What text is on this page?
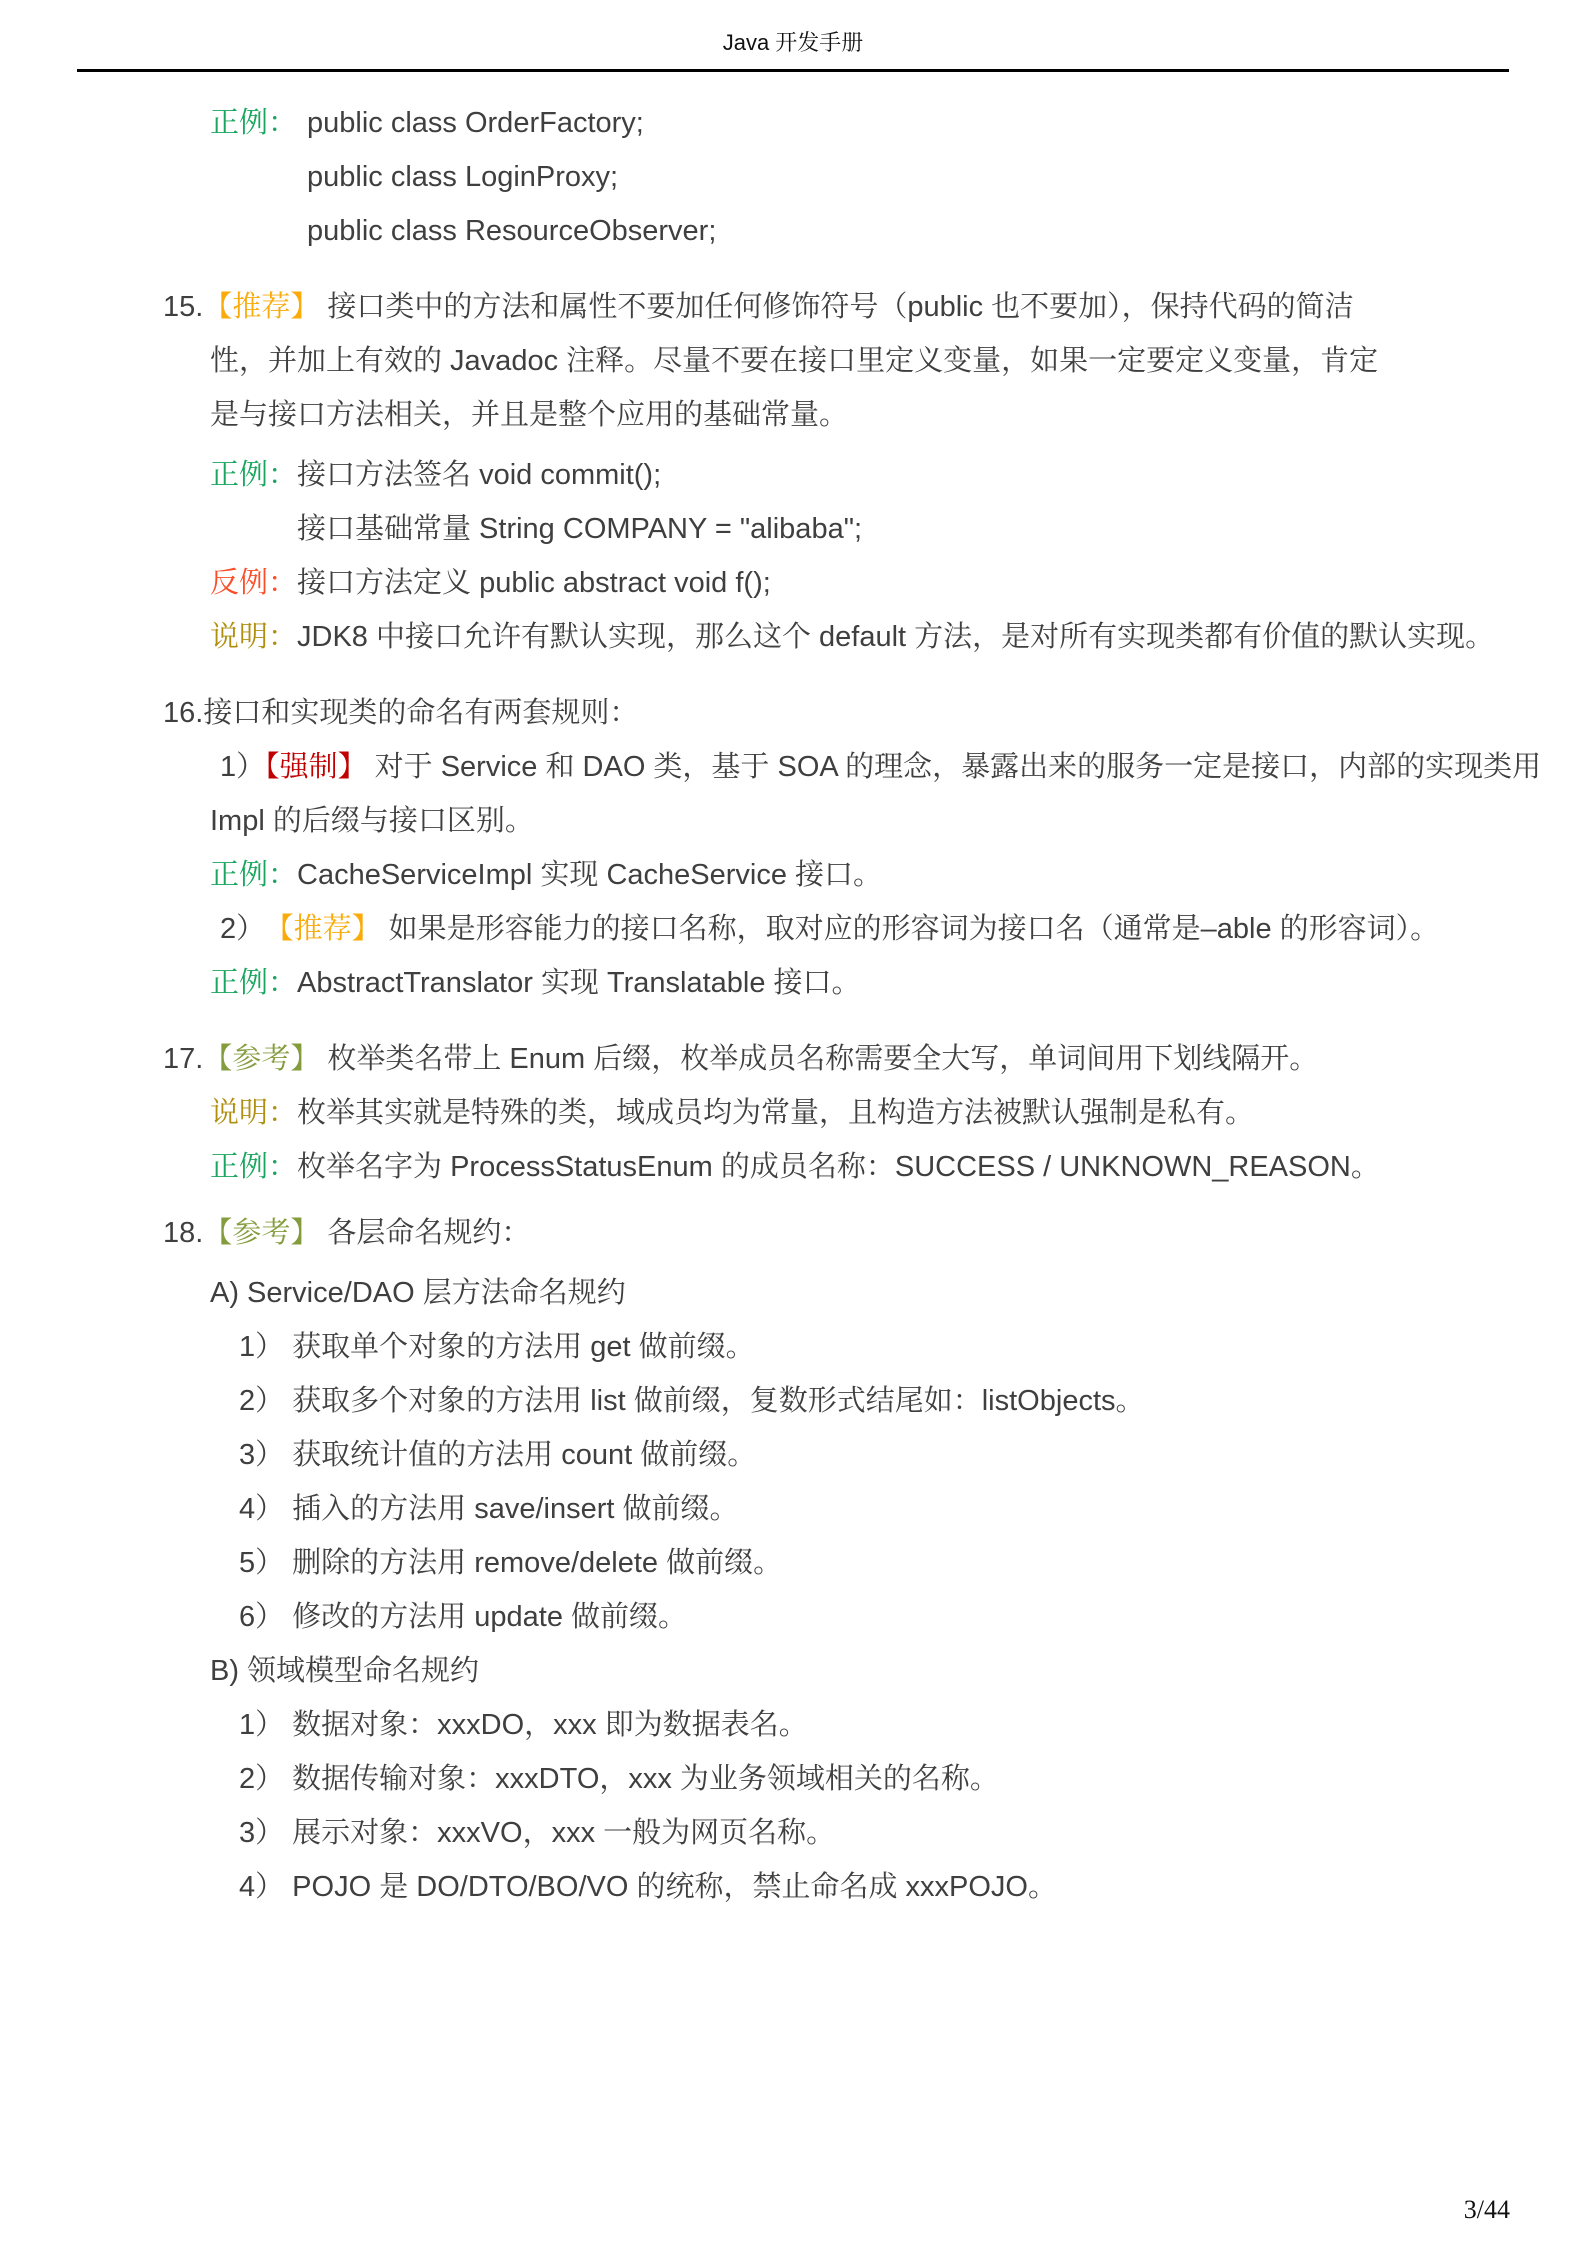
Java 开发手册
正例： public class OrderFactory;
public class LoginProxy;
public class ResourceObserver;
15.【推荐】 接口类中的方法和属性不要加任何修饰符号（public 也不要加），保持代码的简洁
性，并加上有效的 Javadoc 注释。尽量不要在接口里定义变量，如果一定要定义变量，肯定
是与接口方法相关，并且是整个应用的基础常量。
正例：接口方法签名 void commit();
接口基础常量 String COMPANY = "alibaba";
反例：接口方法定义 public abstract void f();
说明：JDK8 中接口允许有默认实现，那么这个 default 方法，是对所有实现类都有价值的默认实现。
16.接口和实现类的命名有两套规则：
1）【强制】 对于 Service 和 DAO 类，基于 SOA 的理念，暴露出来的服务一定是接口，内部的实现类用
Impl 的后缀与接口区别。
正例：CacheServiceImpl 实现 CacheService 接口。
2） 【推荐】 如果是形容能力的接口名称，取对应的形容词为接口名（通常是–able 的形容词）。
正例：AbstractTranslator 实现 Translatable 接口。
17.【参考】 枚举类名带上 Enum 后缀，枚举成员名称需要全大写，单词间用下划线隔开。
说明：枚举其实就是特殊的类，域成员均为常量，且构造方法被默认强制是私有。
正例：枚举名字为 ProcessStatusEnum 的成员名称：SUCCESS / UNKNOWN_REASON。
18.【参考】 各层命名规约：
A) Service/DAO 层方法命名规约
1） 获取单个对象的方法用 get 做前缀。
2） 获取多个对象的方法用 list 做前缀，复数形式结尾如：listObjects。
3） 获取统计值的方法用 count 做前缀。
4） 插入的方法用 save/insert 做前缀。
5） 删除的方法用 remove/delete 做前缀。
6） 修改的方法用 update 做前缀。
B) 领域模型命名规约
1） 数据对象：xxxDO，xxx 即为数据表名。
2） 数据传输对象：xxxDTO，xxx 为业务领域相关的名称。
3） 展示对象：xxxVO，xxx 一般为网页名称。
4） POJO 是 DO/DTO/BO/VO 的统称，禁止命名成 xxxPOJO。
3/44
